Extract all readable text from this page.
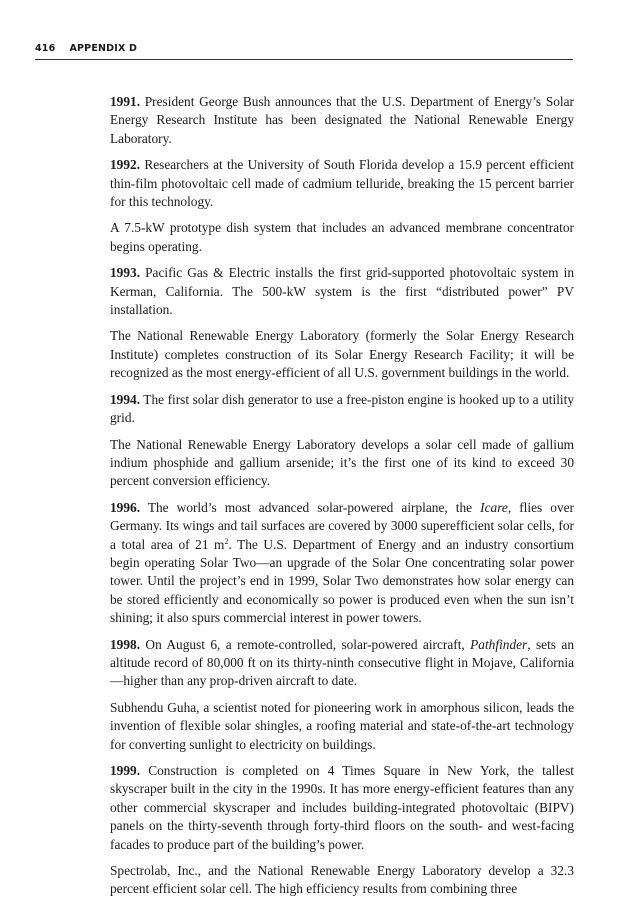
416 APPENDIX D

1991. President George Bush announces that the U.S. Department of Energy’s Solar Energy Research Institute has been designated the National Renewable Energy Laboratory.

1992. Researchers at the University of South Florida develop a 15.9 percent efficient thin-film photovoltaic cell made of cadmium telluride, breaking the 15 percent barrier for this technology.

A 7.5-kW prototype dish system that includes an advanced membrane concentrator begins operating.

1993. Pacific Gas & Electric installs the first grid-supported photovoltaic system in Kerman, California. The 500-kW system is the first “distributed power” PV installation.

The National Renewable Energy Laboratory (formerly the Solar Energy Research Institute) completes construction of its Solar Energy Research Facility; it will be recognized as the most energy-efficient of all U.S. government buildings in the world.

1994. The first solar dish generator to use a free-piston engine is hooked up to a utility grid.

The National Renewable Energy Laboratory develops a solar cell made of gallium indium phosphide and gallium arsenide; it’s the first one of its kind to exceed 30 percent conversion efficiency.

1996. The world’s most advanced solar-powered airplane, the Icare, flies over Germany. Its wings and tail surfaces are covered by 3000 superefficient solar cells, for a total area of 21 $m^2$. The U.S. Department of Energy and an industry consortium begin operating Solar Two—an upgrade of the Solar One concentrating solar power tower. Until the project’s end in 1999, Solar Two demonstrates how solar energy can be stored efficiently and economically so power is produced even when the sun isn’t shining; it also spurs commercial interest in power towers.

1998. On August 6, a remote-controlled, solar-powered aircraft, Pathfinder, sets an altitude record of 80,000 ft on its thirty-ninth consecutive flight in Mojave, California—higher than any prop-driven aircraft to date.

Subhendu Guha, a scientist noted for pioneering work in amorphous silicon, leads the invention of flexible solar shingles, a roofing material and state-of-the-art technology for converting sunlight to electricity on buildings.

1999. Construction is completed on 4 Times Square in New York, the tallest skyscraper built in the city in the 1990s. It has more energy-efficient features than any other commercial skyscraper and includes building-integrated photovoltaic (BIPV) panels on the thirty-seventh through forty-third floors on the south- and west-facing facades to produce part of the building’s power.

Spectrolab, Inc., and the National Renewable Energy Laboratory develop a 32.3 percent efficient solar cell. The high efficiency results from combining three
